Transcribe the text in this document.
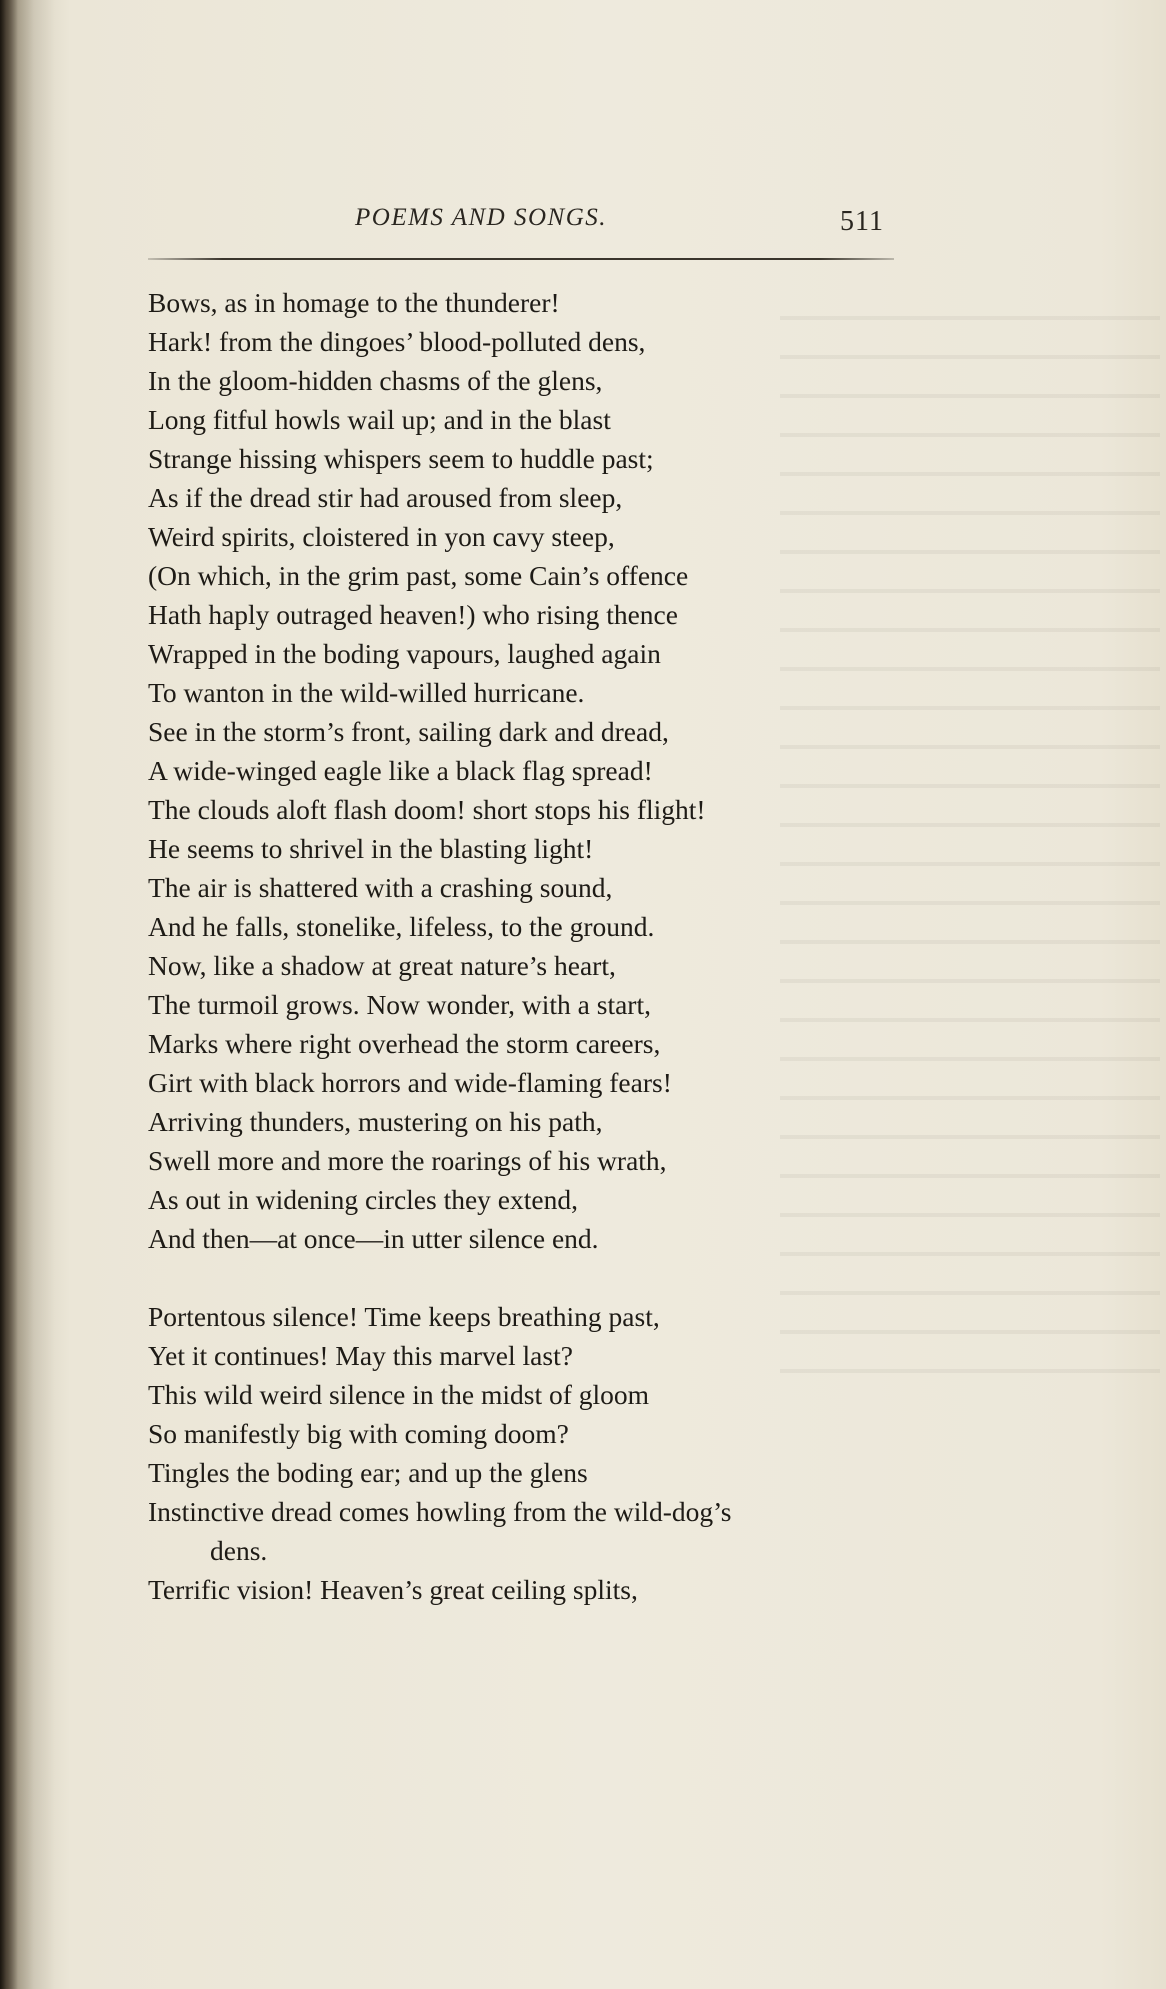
POEMS AND SONGS.	511
Bows, as in homage to the thunderer!
Hark! from the dingoes’ blood-polluted dens,
In the gloom-hidden chasms of the glens,
Long fitful howls wail up; and in the blast
Strange hissing whispers seem to huddle past;
As if the dread stir had aroused from sleep,
Weird spirits, cloistered in yon cavy steep,
(On which, in the grim past, some Cain’s offence
Hath haply outraged heaven!) who rising thence
Wrapped in the boding vapours, laughed again
To wanton in the wild-willed hurricane.
See in the storm’s front, sailing dark and dread,
A wide-winged eagle like a black flag spread!
The clouds aloft flash doom! short stops his flight!
He seems to shrivel in the blasting light!
The air is shattered with a crashing sound,
And he falls, stonelike, lifeless, to the ground.
Now, like a shadow at great nature’s heart,
The turmoil grows. Now wonder, with a start,
Marks where right overhead the storm careers,
Girt with black horrors and wide-flaming fears!
Arriving thunders, mustering on his path,
Swell more and more the roarings of his wrath,
As out in widening circles they extend,
And then—at once—in utter silence end.
Portentous silence! Time keeps breathing past,
Yet it continues! May this marvel last?
This wild weird silence in the midst of gloom
So manifestly big with coming doom?
Tingles the boding ear; and up the glens
Instinctive dread comes howling from the wild-dog’s
dens.
Terrific vision! Heaven’s great ceiling splits,
